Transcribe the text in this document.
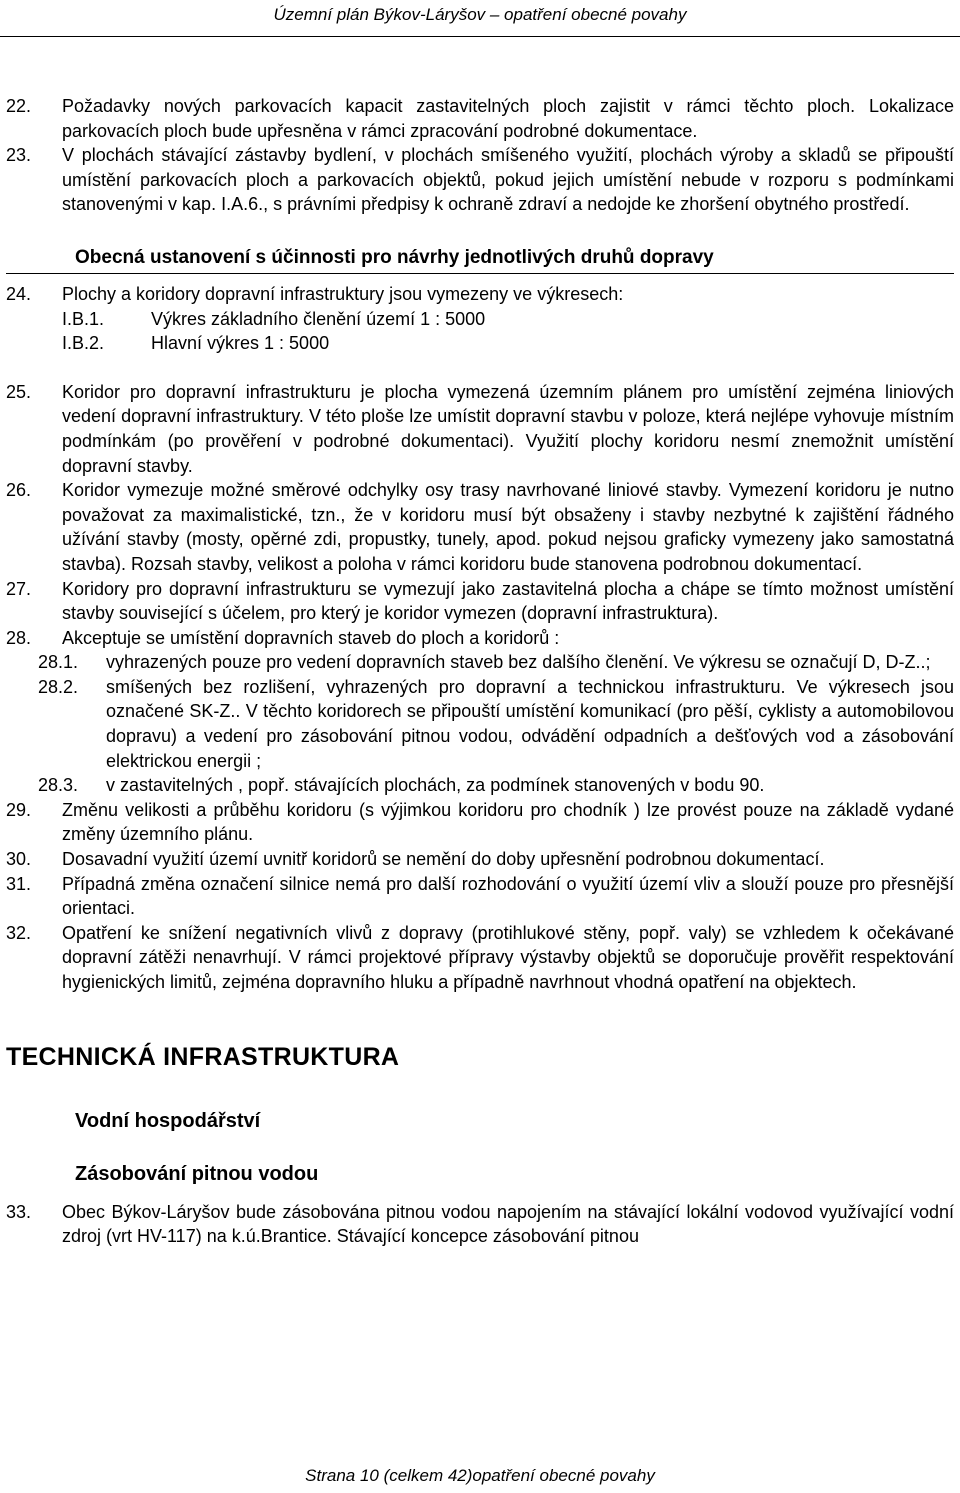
Územní plán Býkov-Láryšov – opatření obecné povahy
22. Požadavky nových parkovacích kapacit zastavitelných ploch zajistit v rámci těchto ploch. Lokalizace parkovacích ploch bude upřesněna v rámci zpracování podrobné dokumentace.
23. V plochách stávající zástavby bydlení, v plochách smíšeného využití, plochách výroby a skladů se připouští umístění parkovacích ploch a parkovacích objektů, pokud jejich umístění nebude v rozporu s podmínkami stanovenými v kap. I.A.6., s právními předpisy k ochraně zdraví a nedojde ke zhoršení obytného prostředí.
Obecná ustanovení s účinnosti pro návrhy jednotlivých druhů dopravy
24. Plochy a koridory dopravní infrastruktury jsou vymezeny ve výkresech:
I.B.1.	Výkres základního členění území 1 : 5000
I.B.2.	Hlavní výkres 1 : 5000
25. Koridor pro dopravní infrastrukturu je plocha vymezená územním plánem pro umístění zejména liniových vedení dopravní infrastruktury. V této ploše lze umístit dopravní stavbu v poloze, která nejlépe vyhovuje místním podmínkám (po prověření v podrobné dokumentaci). Využití plochy koridoru nesmí znemožnit umístění dopravní stavby.
26. Koridor vymezuje možné směrové odchylky osy trasy navrhované liniové stavby. Vymezení koridoru je nutno považovat za maximalistické, tzn., že v koridoru musí být obsaženy i stavby nezbytné k zajištění řádného užívání stavby (mosty, opěrné zdi, propustky, tunely, apod. pokud nejsou graficky vymezeny jako samostatná stavba). Rozsah stavby, velikost a poloha v rámci koridoru bude stanovena podrobnou dokumentací.
27. Koridory pro dopravní infrastrukturu se vymezují jako zastavitelná plocha a chápe se tímto možnost umístění stavby související s účelem, pro který je koridor vymezen (dopravní infrastruktura).
28. Akceptuje se umístění dopravních staveb do ploch a koridorů :
28.1. vyhrazených pouze pro vedení dopravních staveb bez dalšího členění. Ve výkresu se označují D, D-Z..;
28.2. smíšených bez rozlišení, vyhrazených pro dopravní a technickou infrastrukturu. Ve výkresech jsou označené SK-Z.. V těchto koridorech se připouští umístění komunikací (pro pěší, cyklisty a automobilovou dopravu) a vedení pro zásobování pitnou vodou, odvádění odpadních a dešťových vod a zásobování elektrickou energii ;
28.3. v zastavitelných , popř. stávajících plochách, za podmínek stanovených v bodu 90.
29. Změnu velikosti a průběhu koridoru (s výjimkou koridoru pro chodník ) lze provést pouze na základě vydané změny územního plánu.
30. Dosavadní využití území uvnitř koridorů se nemění do doby upřesnění podrobnou dokumentací.
31. Případná změna označení silnice nemá pro další rozhodování o využití území vliv a slouží pouze pro přesnější orientaci.
32. Opatření ke snížení negativních vlivů z dopravy (protihlukové stěny, popř. valy) se vzhledem k očekávané dopravní zátěži nenavrhují. V rámci projektové přípravy výstavby objektů se doporučuje prověřit respektování hygienických limitů, zejména dopravního hluku a případně navrhnout vhodná opatření na objektech.
TECHNICKÁ INFRASTRUKTURA
Vodní hospodářství
Zásobování pitnou vodou
33. Obec Býkov-Láryšov bude zásobována pitnou vodou napojením na stávající lokální vodovod využívající vodní zdroj (vrt HV-117) na k.ú.Brantice. Stávající koncepce zásobování pitnou
Strana 10 (celkem 42)opatření obecné povahy
